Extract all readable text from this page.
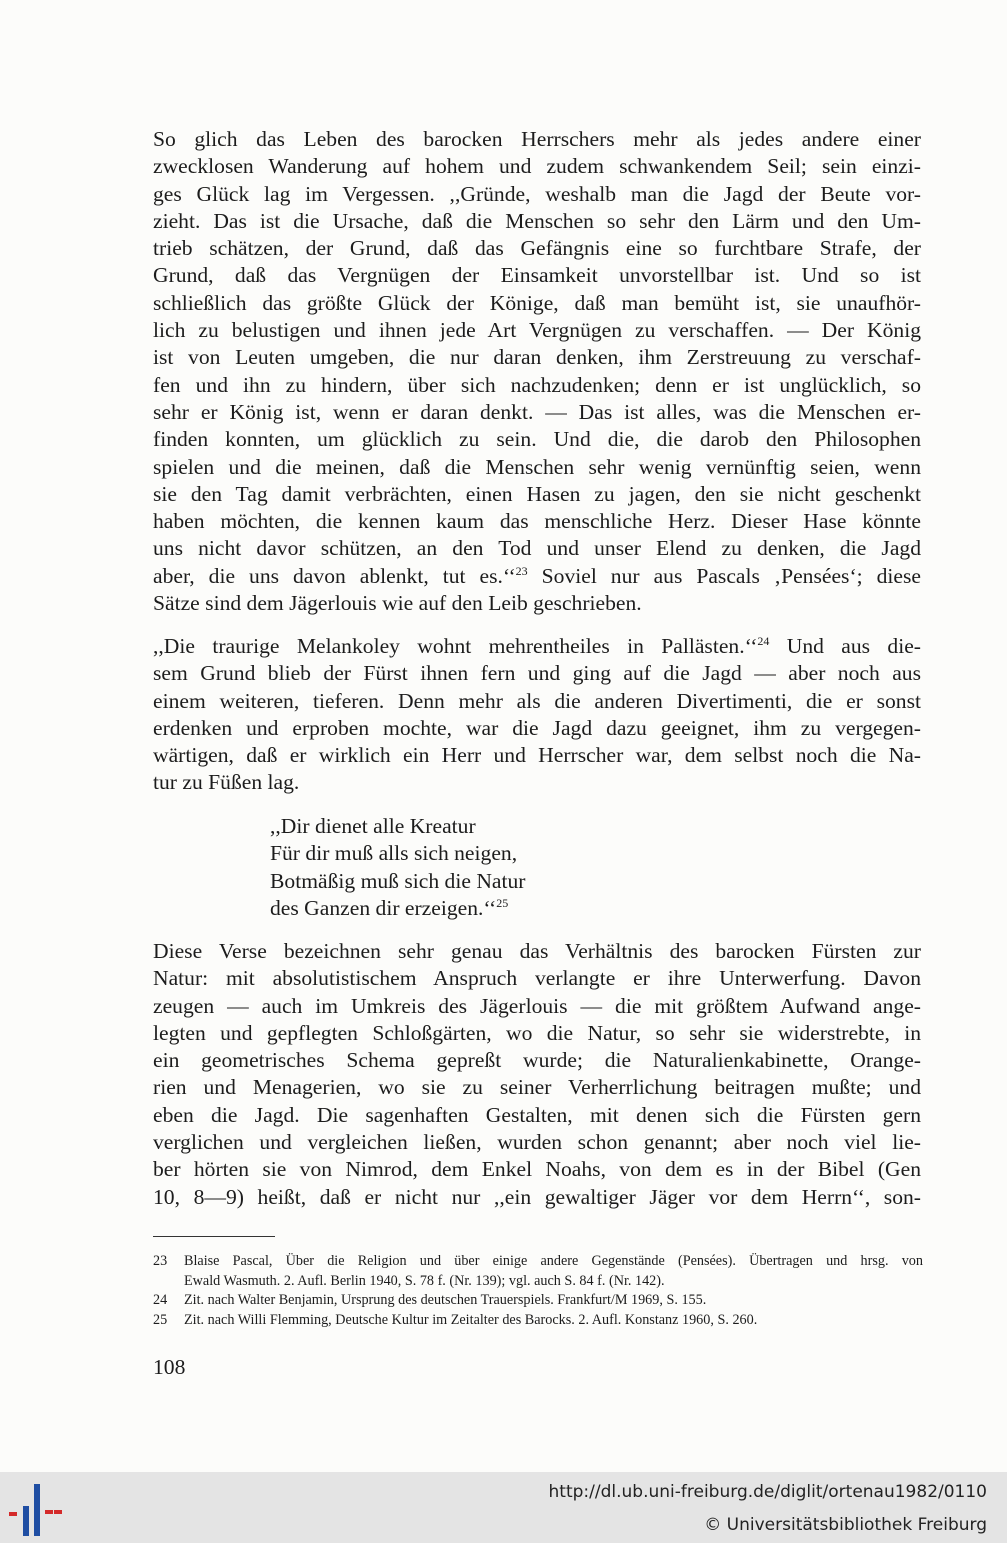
So glich das Leben des barocken Herrschers mehr als jedes andere einer
zwecklosen Wanderung auf hohem und zudem schwankendem Seil; sein einzi-
ges Glück lag im Vergessen. ,,Gründe, weshalb man die Jagd der Beute vor-
zieht. Das ist die Ursache, daß die Menschen so sehr den Lärm und den Um-
trieb schätzen, der Grund, daß das Gefängnis eine so furchtbare Strafe, der
Grund, daß das Vergnügen der Einsamkeit unvorstellbar ist. Und so ist
schließlich das größte Glück der Könige, daß man bemüht ist, sie unaufhör-
lich zu belustigen und ihnen jede Art Vergnügen zu verschaffen. — Der König
ist von Leuten umgeben, die nur daran denken, ihm Zerstreuung zu verschaf-
fen und ihn zu hindern, über sich nachzudenken; denn er ist unglücklich, so
sehr er König ist, wenn er daran denkt. — Das ist alles, was die Menschen er-
finden konnten, um glücklich zu sein. Und die, die darob den Philosophen
spielen und die meinen, daß die Menschen sehr wenig vernünftig seien, wenn
sie den Tag damit verbrächten, einen Hasen zu jagen, den sie nicht geschenkt
haben möchten, die kennen kaum das menschliche Herz. Dieser Hase könnte
uns nicht davor schützen, an den Tod und unser Elend zu denken, die Jagd
aber, die uns davon ablenkt, tut es.‘‘$^{23}$ Soviel nur aus Pascals ‚Pensées‘; diese
Sätze sind dem Jägerlouis wie auf den Leib geschrieben.

,,Die traurige Melankoley wohnt mehrentheiles in Pallästen.‘‘$^{24}$ Und aus die-
sem Grund blieb der Fürst ihnen fern und ging auf die Jagd — aber noch aus
einem weiteren, tieferen. Denn mehr als die anderen Divertimenti, die er sonst
erdenken und erproben mochte, war die Jagd dazu geeignet, ihm zu vergegen-
wärtigen, daß er wirklich ein Herr und Herrscher war, dem selbst noch die Na-
tur zu Füßen lag.

,,Dir dienet alle Kreatur
Für dir muß alls sich neigen,
Botmäßig muß sich die Natur
des Ganzen dir erzeigen.‘‘$^{25}$

Diese Verse bezeichnen sehr genau das Verhältnis des barocken Fürsten zur
Natur: mit absolutistischem Anspruch verlangte er ihre Unterwerfung. Davon
zeugen — auch im Umkreis des Jägerlouis — die mit größtem Aufwand ange-
legten und gepflegten Schloßgärten, wo die Natur, so sehr sie widerstrebte, in
ein geometrisches Schema gepreßt wurde; die Naturalienkabinette, Orange-
rien und Menagerien, wo sie zu seiner Verherrlichung beitragen mußte; und
eben die Jagd. Die sagenhaften Gestalten, mit denen sich die Fürsten gern
verglichen und vergleichen ließen, wurden schon genannt; aber noch viel lie-
ber hörten sie von Nimrod, dem Enkel Noahs, von dem es in der Bibel (Gen
10, 8—9) heißt, daß er nicht nur ,,ein gewaltiger Jäger vor dem Herrn‘‘, son-

23	Blaise Pascal, Über die Religion und über einige andere Gegenstände (Pensées). Übertragen und hrsg. von
Ewald Wasmuth. 2. Aufl. Berlin 1940, S. 78 f. (Nr. 139); vgl. auch S. 84 f. (Nr. 142).
24	Zit. nach Walter Benjamin, Ursprung des deutschen Trauerspiels. Frankfurt/M 1969, S. 155.
25	Zit. nach Willi Flemming, Deutsche Kultur im Zeitalter des Barocks. 2. Aufl. Konstanz 1960, S. 260.
108
http://dl.ub.uni-freiburg.de/diglit/ortenau1982/0110
© Universitätsbibliothek Freiburg
